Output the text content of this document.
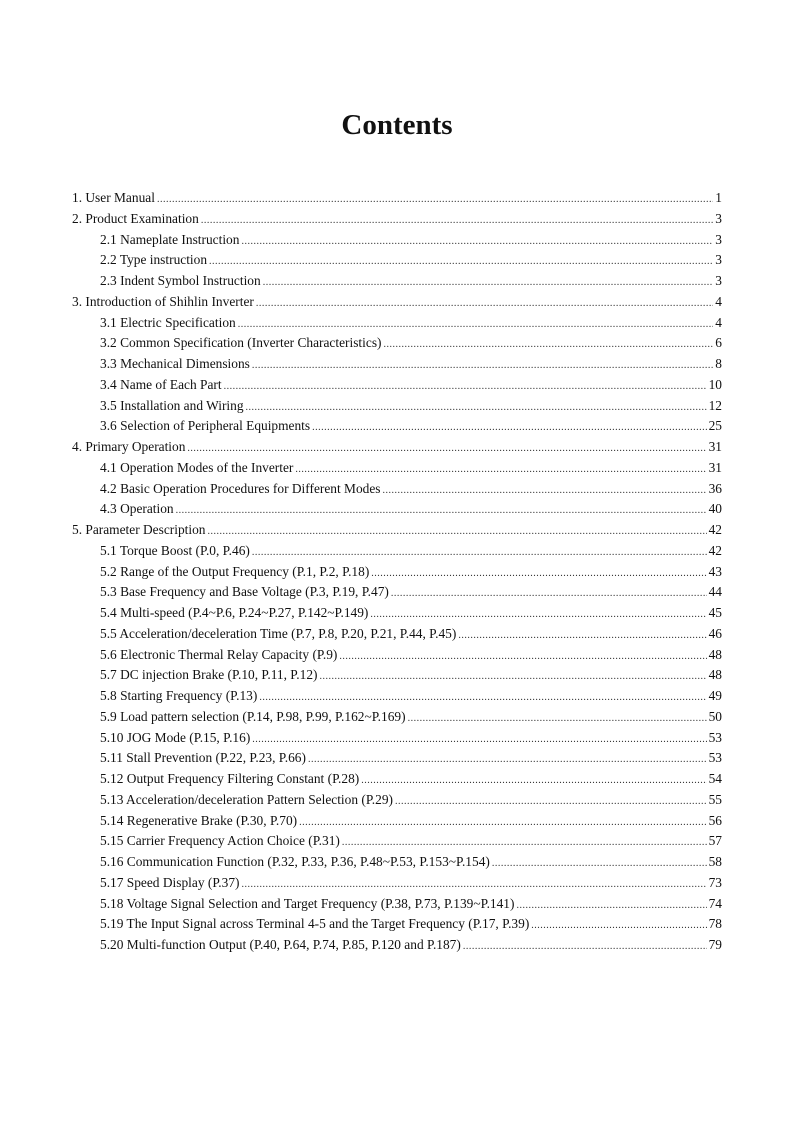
Contents
1. User Manual .....	1
2. Product Examination .....	3
2.1 Nameplate Instruction .....	3
2.2 Type instruction .....	3
2.3 Indent Symbol Instruction .....	3
3. Introduction of Shihlin Inverter .....	4
3.1 Electric Specification .....	4
3.2 Common Specification (Inverter Characteristics) .....	6
3.3 Mechanical Dimensions .....	8
3.4 Name of Each Part .....	10
3.5 Installation and Wiring .....	12
3.6 Selection of Peripheral Equipments .....	25
4. Primary Operation .....	31
4.1 Operation Modes of the Inverter .....	31
4.2 Basic Operation Procedures for Different Modes .....	36
4.3 Operation .....	40
5. Parameter Description .....	42
5.1 Torque Boost (P.0, P.46) .....	42
5.2 Range of the Output Frequency (P.1, P.2, P.18) .....	43
5.3 Base Frequency and Base Voltage (P.3, P.19, P.47) .....	44
5.4 Multi-speed (P.4~P.6, P.24~P.27, P.142~P.149) .....	45
5.5 Acceleration/deceleration Time (P.7, P.8, P.20, P.21, P.44, P.45) .....	46
5.6 Electronic Thermal Relay Capacity (P.9) .....	48
5.7 DC injection Brake (P.10, P.11, P.12) .....	48
5.8 Starting Frequency (P.13) .....	49
5.9 Load pattern selection (P.14, P.98, P.99, P.162~P.169) .....	50
5.10 JOG Mode (P.15, P.16) .....	53
5.11 Stall Prevention (P.22, P.23, P.66) .....	53
5.12 Output Frequency Filtering Constant (P.28) .....	54
5.13 Acceleration/deceleration Pattern Selection (P.29) .....	55
5.14 Regenerative Brake (P.30, P.70) .....	56
5.15 Carrier Frequency Action Choice (P.31) .....	57
5.16 Communication Function (P.32, P.33, P.36, P.48~P.53, P.153~P.154) .....	58
5.17 Speed Display (P.37) .....	73
5.18 Voltage Signal Selection and Target Frequency (P.38, P.73, P.139~P.141) .....	74
5.19 The Input Signal across Terminal 4-5 and the Target Frequency (P.17, P.39) .....	78
5.20 Multi-function Output (P.40, P.64, P.74, P.85, P.120 and P.187) .....	79
